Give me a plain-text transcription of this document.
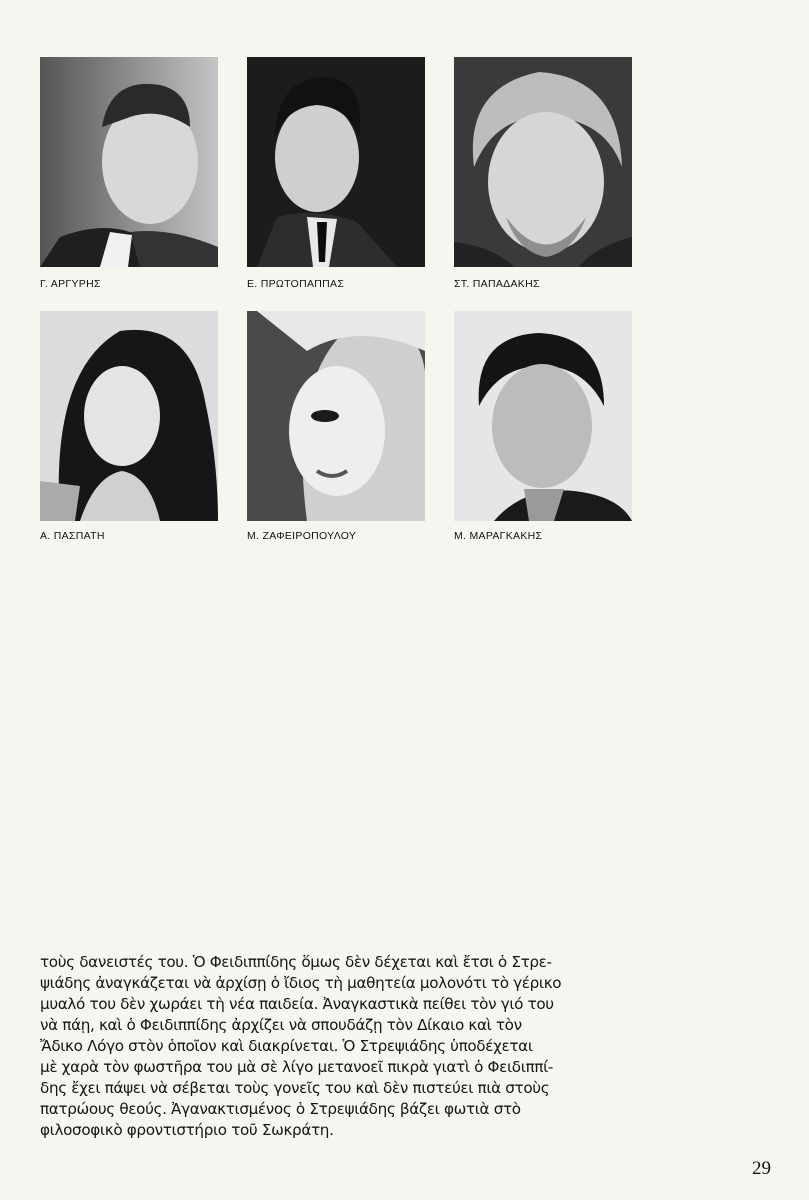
Γ. ΑΡΓΥΡΗΣ	Ε. ΠΡΩΤΟΠΑΠΠΑΣ	ΣΤ. ΠΑΠΑΔΑΚΗΣ
Α. ΠΑΣΠΑΤΗ	Μ. ΖΑΦΕΙΡΟΠΟΥΛΟΥ	Μ. ΜΑΡΑΓΚΑΚΗΣ

τοὺς δανειστές του. Ὁ Φειδιππίδης ὅμως δὲν δέχεται καὶ ἔτσι ὁ Στρε-

ψιάδης ἀναγκάζεται νὰ ἀρχίσῃ ὁ ἴδιος τὴ μαθητεία μολονότι τὸ γέρικο

μυαλό του δὲν χωράει τὴ νέα παιδεία. Ἀναγκαστικὰ πείθει τὸν γιό του

νὰ πάῃ, καὶ ὁ Φειδιππίδης ἀρχίζει νὰ σπουδάζῃ τὸν Δίκαιο καὶ τὸν

Ἄδικο Λόγο στὸν ὁποῖον καὶ διακρίνεται. Ὁ Στρεψιάδης ὑποδέχεται

μὲ χαρὰ τὸν φωστῆρα του μὰ σὲ λίγο μετανοεῖ πικρὰ γιατὶ ὁ Φειδιππί-

δης ἔχει πάψει νὰ σέβεται τοὺς γονεῖς του καὶ δὲν πιστεύει πιὰ στοὺς

πατρώους θεούς. Ἀγανακτισμένος ὁ Στρεψιάδης βάζει φωτιὰ στὸ

φιλοσοφικὸ φροντιστήριο τοῦ Σωκράτη.

29
